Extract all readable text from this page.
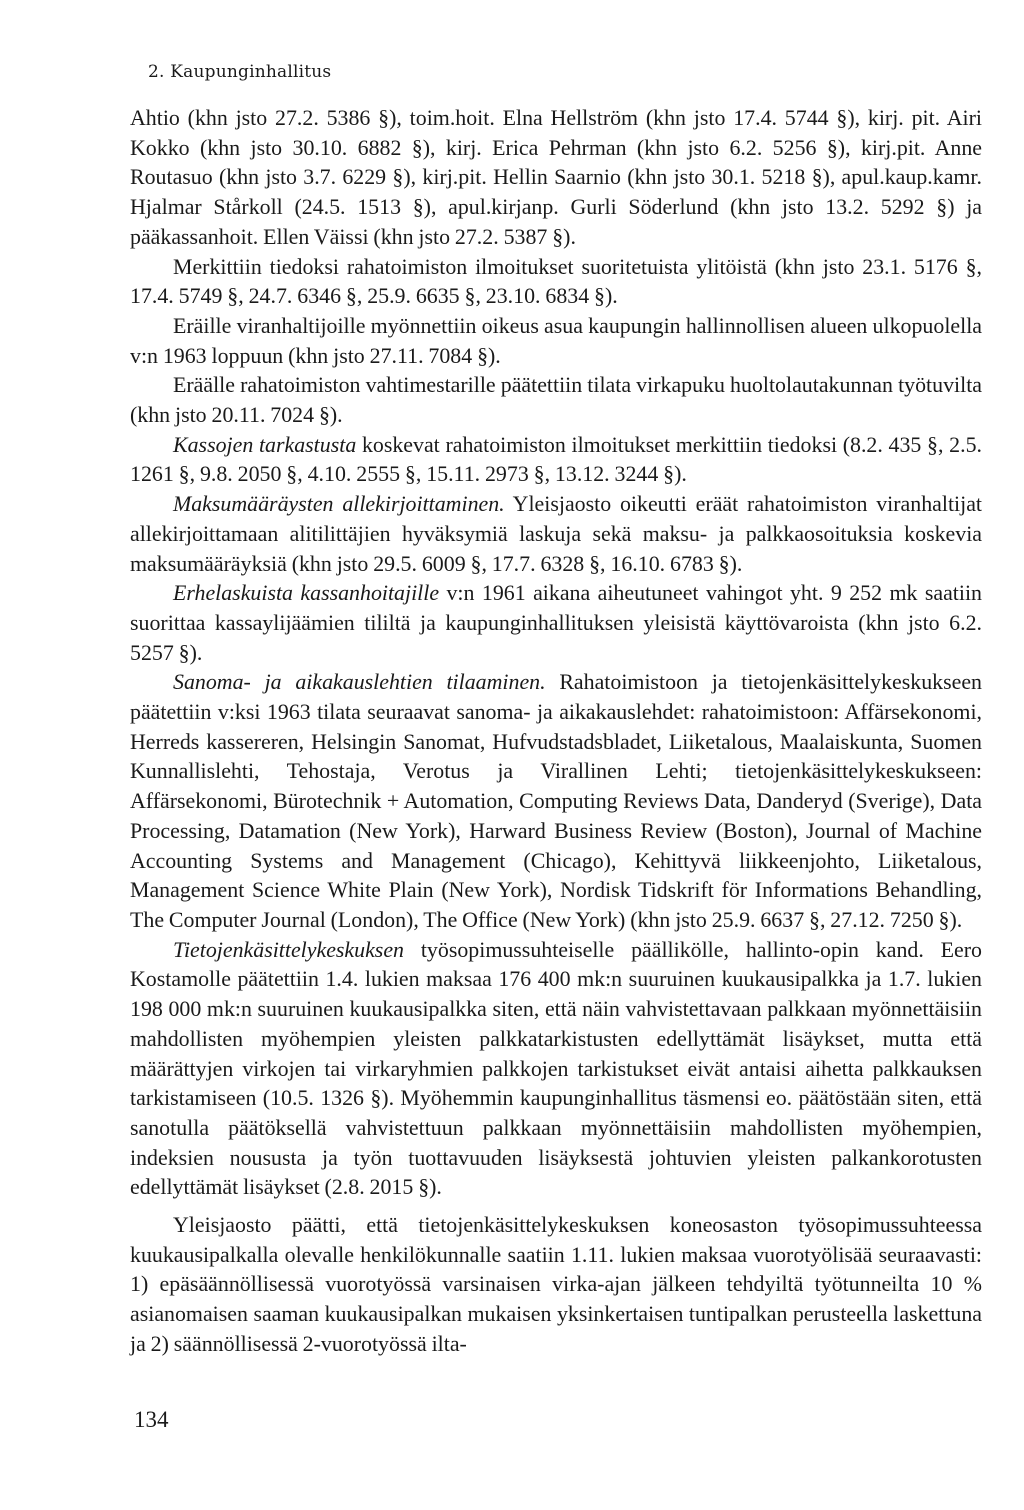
2. Kaupunginhallitus

Ahtio (khn jsto 27.2. 5386 §), toim.hoit. Elna Hellström (khn jsto 17.4. 5744 §), kirj. pit. Airi Kokko (khn jsto 30.10. 6882 §), kirj. Erica Pehrman (khn jsto 6.2. 5256 §), kirj.pit. Anne Routasuo (khn jsto 3.7. 6229 §), kirj.pit. Hellin Saarnio (khn jsto 30.1. 5218 §), apul.kaup.kamr. Hjalmar Stårkoll (24.5. 1513 §), apul.kirjanp. Gurli Söderlund (khn jsto 13.2. 5292 §) ja pääkassanhoit. Ellen Väissi (khn jsto 27.2. 5387 §).

Merkittiin tiedoksi rahatoimiston ilmoitukset suoritetuista ylitöistä (khn jsto 23.1. 5176 §, 17.4. 5749 §, 24.7. 6346 §, 25.9. 6635 §, 23.10. 6834 §).

Eräille viranhaltijoille myönnettiin oikeus asua kaupungin hallinnollisen alueen ulkopuolella v:n 1963 loppuun (khn jsto 27.11. 7084 §).

Eräälle rahatoimiston vahtimestarille päätettiin tilata virkapuku huoltolautakunnan työtuvilta (khn jsto 20.11. 7024 §).

Kassojen tarkastusta koskevat rahatoimiston ilmoitukset merkittiin tiedoksi (8.2. 435 §, 2.5. 1261 §, 9.8. 2050 §, 4.10. 2555 §, 15.11. 2973 §, 13.12. 3244 §).

Maksumääräysten allekirjoittaminen. Yleisjaosto oikeutti eräät rahatoimiston viranhaltijat allekirjoittamaan alitilittäjien hyväksymiä laskuja sekä maksu- ja palkkaosoituksia koskevia maksumääräyksiä (khn jsto 29.5. 6009 §, 17.7. 6328 §, 16.10. 6783 §).

Erhelaskuista kassanhoitajille v:n 1961 aikana aiheutuneet vahingot yht. 9 252 mk saatiin suorittaa kassaylijäämien tililtä ja kaupunginhallituksen yleisistä käyttövaroista (khn jsto 6.2. 5257 §).

Sanoma- ja aikakauslehtien tilaaminen. Rahatoimistoon ja tietojenkäsittelykeskukseen päätettiin v:ksi 1963 tilata seuraavat sanoma- ja aikakauslehdet: rahatoimistoon: Affärsekonomi, Herreds kassereren, Helsingin Sanomat, Hufvudstadsbladet, Liiketalous, Maalaiskunta, Suomen Kunnallislehti, Tehostaja, Verotus ja Virallinen Lehti; tietojenkäsittelykeskukseen: Affärsekonomi, Bürotechnik + Automation, Computing Reviews Data, Danderyd (Sverige), Data Processing, Datamation (New York), Harward Business Review (Boston), Journal of Machine Accounting Systems and Management (Chicago), Kehittyvä liikkeenjohto, Liiketalous, Management Science White Plain (New York), Nordisk Tidskrift för Informations Behandling, The Computer Journal (London), The Office (New York) (khn jsto 25.9. 6637 §, 27.12. 7250 §).

Tietojenkäsittelykeskuksen työsopimussuhteiselle päällikölle, hallinto-opin kand. Eero Kostamolle päätettiin 1.4. lukien maksaa 176 400 mk:n suuruinen kuukausipalkka ja 1.7. lukien 198 000 mk:n suuruinen kuukausipalkka siten, että näin vahvistettavaan palkkaan myönnettäisiin mahdollisten myöhempien yleisten palkkatarkistusten edellyttämät lisäykset, mutta että määrättyjen virkojen tai virkaryhmien palkkojen tarkistukset eivät antaisi aihetta palkkauksen tarkistamiseen (10.5. 1326 §). Myöhemmin kaupunginhallitus täsmensi eo. päätöstään siten, että sanotulla päätöksellä vahvistettuun palkkaan myönnettäisiin mahdollisten myöhempien, indeksien noususta ja työn tuottavuuden lisäyksestä johtuvien yleisten palkankorotusten edellyttämät lisäykset (2.8. 2015 §).

Yleisjaosto päätti, että tietojenkäsittelykeskuksen koneosaston työsopimussuhteessa kuukausipalkalla olevalle henkilökunnalle saatiin 1.11. lukien maksaa vuorotyölisää seuraavasti: 1) epäsäännöllisessä vuorotyössä varsinaisen virka-ajan jälkeen tehdyiltä työtunneilta 10 % asianomaisen saaman kuukausipalkan mukaisen yksinkertaisen tuntipalkan perusteella laskettuna ja 2) säännöllisessä 2-vuorotyössä ilta-

134
